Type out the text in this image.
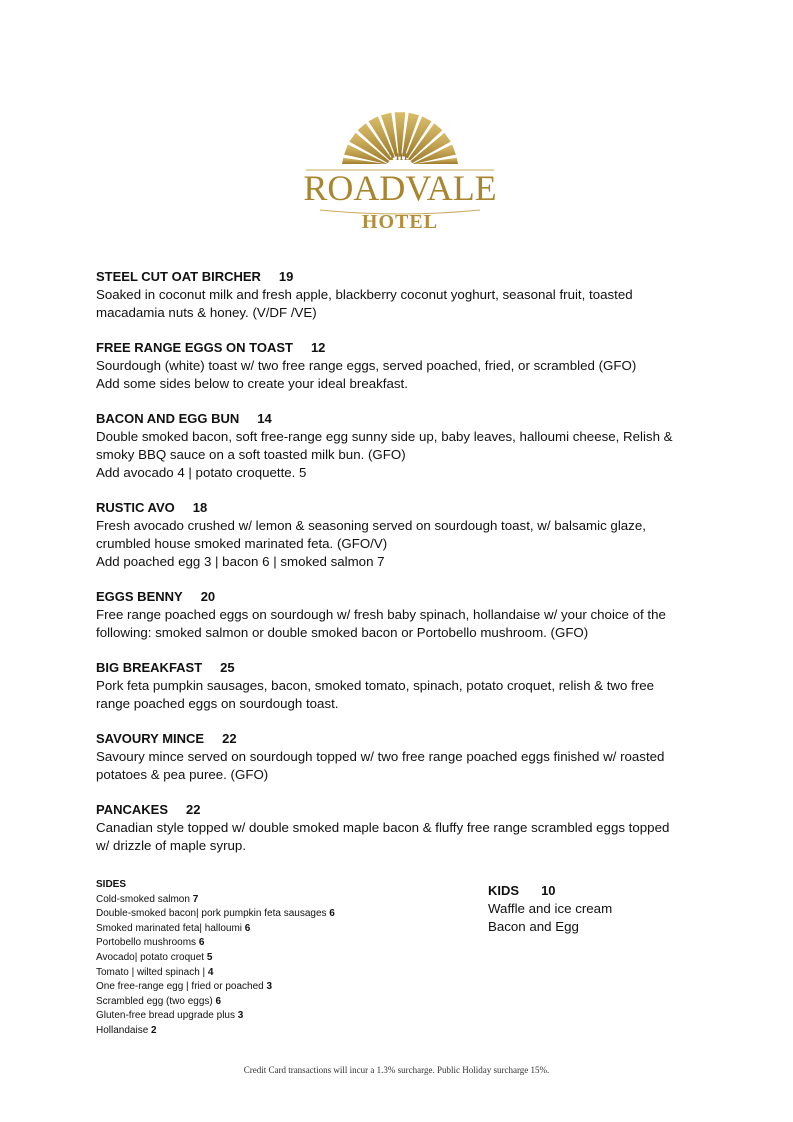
THE
ROADVALE
HOTEL
STEEL CUT OAT BIRCHER 19
Soaked in coconut milk and fresh apple, blackberry coconut yoghurt, seasonal fruit, toasted
macadamia nuts & honey. (V/DF /VE)
FREE RANGE EGGS ON TOAST 12
Sourdough (white) toast w/ two free range eggs, served poached, fried, or scrambled (GFO)
Add some sides below to create your ideal breakfast.
BACON AND EGG BUN 14
Double smoked bacon, soft free-range egg sunny side up, baby leaves, halloumi cheese, Relish &
smoky BBQ sauce on a soft toasted milk bun. (GFO)
Add avocado 4 | potato croquette. 5
RUSTIC AVO 18
Fresh avocado crushed w/ lemon & seasoning served on sourdough toast, w/ balsamic glaze,
crumbled house smoked marinated feta. (GFO/V)
Add poached egg 3 | bacon 6 | smoked salmon 7
EGGS BENNY 20
Free range poached eggs on sourdough w/ fresh baby spinach, hollandaise w/ your choice of the
following: smoked salmon or double smoked bacon or Portobello mushroom. (GFO)
BIG BREAKFAST 25
Pork feta pumpkin sausages, bacon, smoked tomato, spinach, potato croquet, relish & two free
range poached eggs on sourdough toast.
SAVOURY MINCE 22
Savoury mince served on sourdough topped w/ two free range poached eggs finished w/ roasted
potatoes & pea puree. (GFO)
PANCAKES 22
Canadian style topped w/ double smoked maple bacon & fluffy free range scrambled eggs topped
w/ drizzle of maple syrup.
SIDES
Cold-smoked salmon 7
Double-smoked bacon| pork pumpkin feta sausages 6
Smoked marinated feta| halloumi 6
Portobello mushrooms 6
Avocado| potato croquet 5
Tomato | wilted spinach | 4
One free-range egg | fried or poached 3
Scrambled egg (two eggs) 6
Gluten-free bread upgrade plus 3
Hollandaise 2
KIDS 10
Waffle and ice cream
Bacon and Egg
Credit Card transactions will incur a 1.3% surcharge. Public Holiday surcharge 15%.
